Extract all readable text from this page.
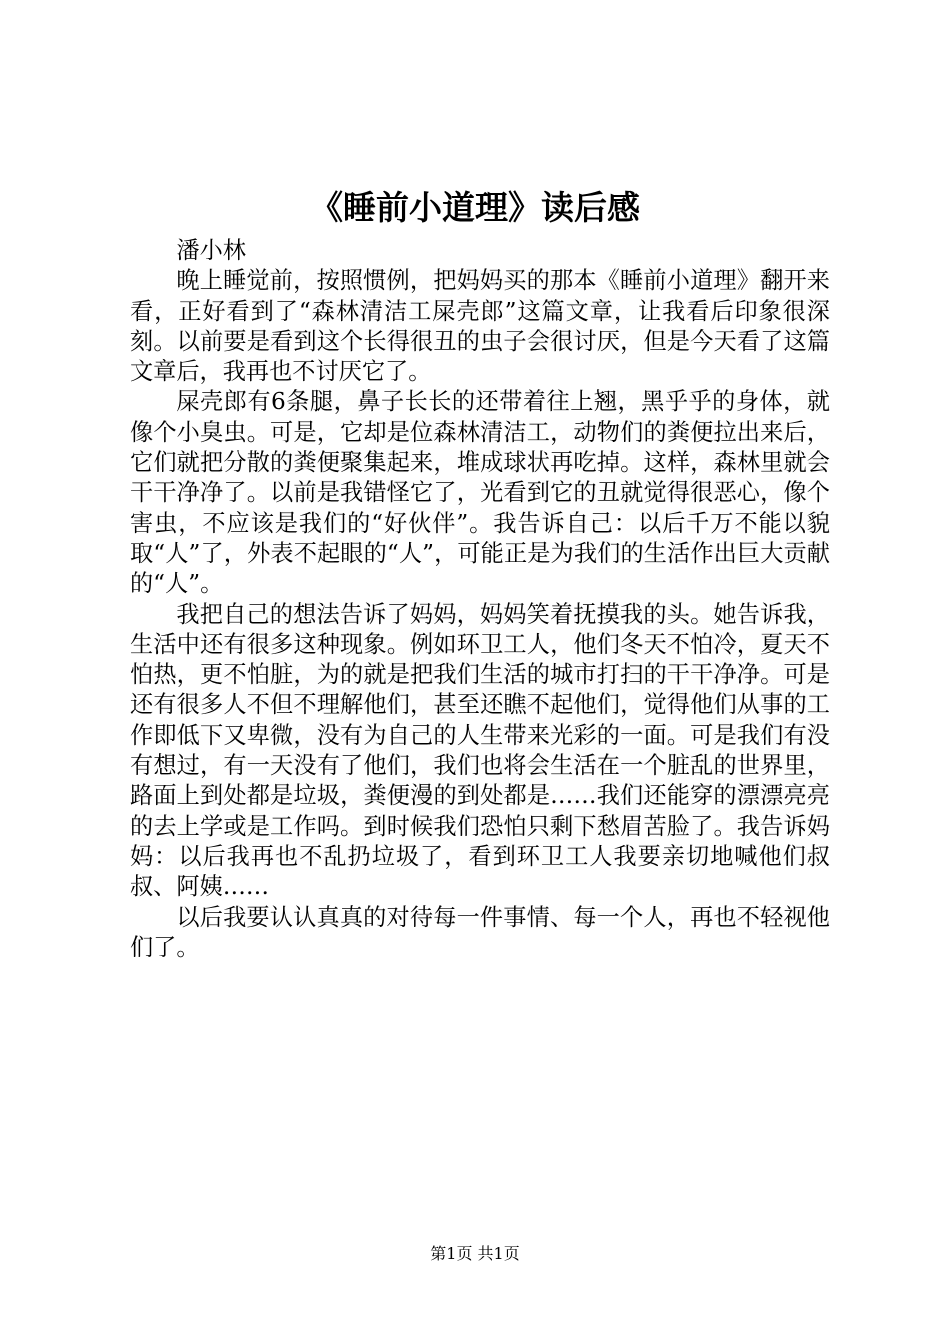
《睡前小道理》读后感

潘小林

晚上睡觉前，按照惯例，把妈妈买的那本《睡前小道理》翻开来看，正好看到了“森林清洁工屎壳郎”这篇文章，让我看后印象很深刻。以前要是看到这个长得很丑的虫子会很讨厌，但是今天看了这篇文章后，我再也不讨厌它了。

屎壳郎有6条腿，鼻子长长的还带着往上翘，黑乎乎的身体，就像个小臭虫。可是，它却是位森林清洁工，动物们的粪便拉出来后，它们就把分散的粪便聚集起来，堆成球状再吃掉。这样，森林里就会干干净净了。以前是我错怪它了，光看到它的丑就觉得很恶心，像个害虫，不应该是我们的“好伙伴”。我告诉自己：以后千万不能以貌取“人”了，外表不起眼的“人”，可能正是为我们的生活作出巨大贡献的“人”。

我把自己的想法告诉了妈妈，妈妈笑着抚摸我的头。她告诉我，生活中还有很多这种现象。例如环卫工人，他们冬天不怕冷，夏天不怕热，更不怕脏，为的就是把我们生活的城市打扫的干干净净。可是还有很多人不但不理解他们，甚至还瞧不起他们，觉得他们从事的工作即低下又卑微，没有为自己的人生带来光彩的一面。可是我们有没有想过，有一天没有了他们，我们也将会生活在一个脏乱的世界里，路面上到处都是垃圾，粪便漫的到处都是……我们还能穿的漂漂亮亮的去上学或是工作吗。到时候我们恐怕只剩下愁眉苦脸了。我告诉妈妈：以后我再也不乱扔垃圾了，看到环卫工人我要亲切地喊他们叔叔、阿姨……

以后我要认认真真的对待每一件事情、每一个人，再也不轻视他们了。

第1页 共1页
